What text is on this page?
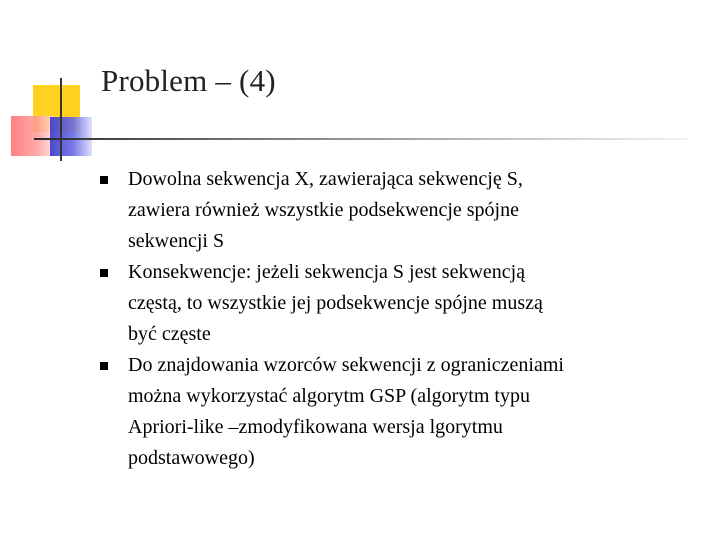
Problem – (4)
Dowolna sekwencja X, zawierająca sekwencję S,
zawiera również wszystkie podsekwencje spójne
sekwencji S
Konsekwencje: jeżeli sekwencja S jest sekwencją
częstą, to wszystkie jej podsekwencje spójne muszą
być częste
Do znajdowania wzorców sekwencji z ograniczeniami
można wykorzystać algorytm GSP (algorytm typu
Apriori-like –zmodyfikowana wersja lgorytmu
podstawowego)
